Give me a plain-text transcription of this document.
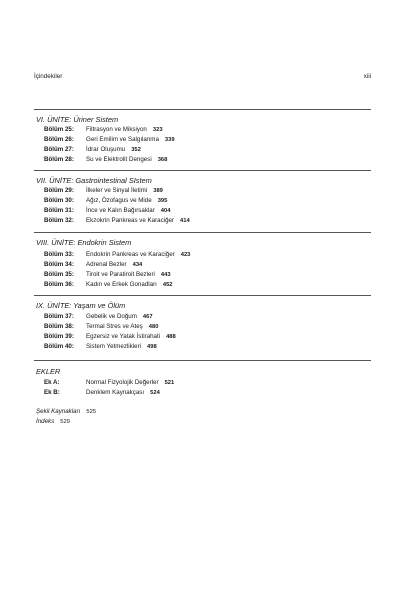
İçindekiler	xiii
VI. ÜNİTE: Üriner Sistem
Bölüm 25: Filtrasyon ve Miksiyon 323
Bölüm 26: Geri Emilim ve Salgılanma 339
Bölüm 27: İdrar Oluşumu 352
Bölüm 28: Su ve Elektrolit Dengesi 368
VII. ÜNİTE: Gastrointestinal SIstem
Bölüm 29: İlkeler ve Sinyal İletimi 389
Bölüm 30: Ağız, Özofagus ve Mide 395
Bölüm 31: İnce ve Kalın Bağırsaklar 404
Bölüm 32: Ekzokrin Pankreas ve Karaciğer 414
VIII. ÜNİTE: Endokrin Sistem
Bölüm 33: Endokrin Pankreas ve Karaciğer 423
Bölüm 34: Adrenal Bezler 434
Bölüm 35: Tiroit ve Paratiroit Bezleri 443
Bölüm 36: Kadın ve Erkek Gonadları 452
IX. ÜNİTE: Yaşam ve Ölüm
Bölüm 37: Gebelik ve Doğum 467
Bölüm 38: Termal Stres ve Ateş 480
Bölüm 39: Egzersiz ve Yatak İstirahati 488
Bölüm 40: Sistem Yetmezlikleri 498
EKLER
Ek A:	Normal Fizyolojik Değerler 521
Ek B:	Denklem Kaynakçası 524
Şekil Kaynakları 525
İndeks 529
